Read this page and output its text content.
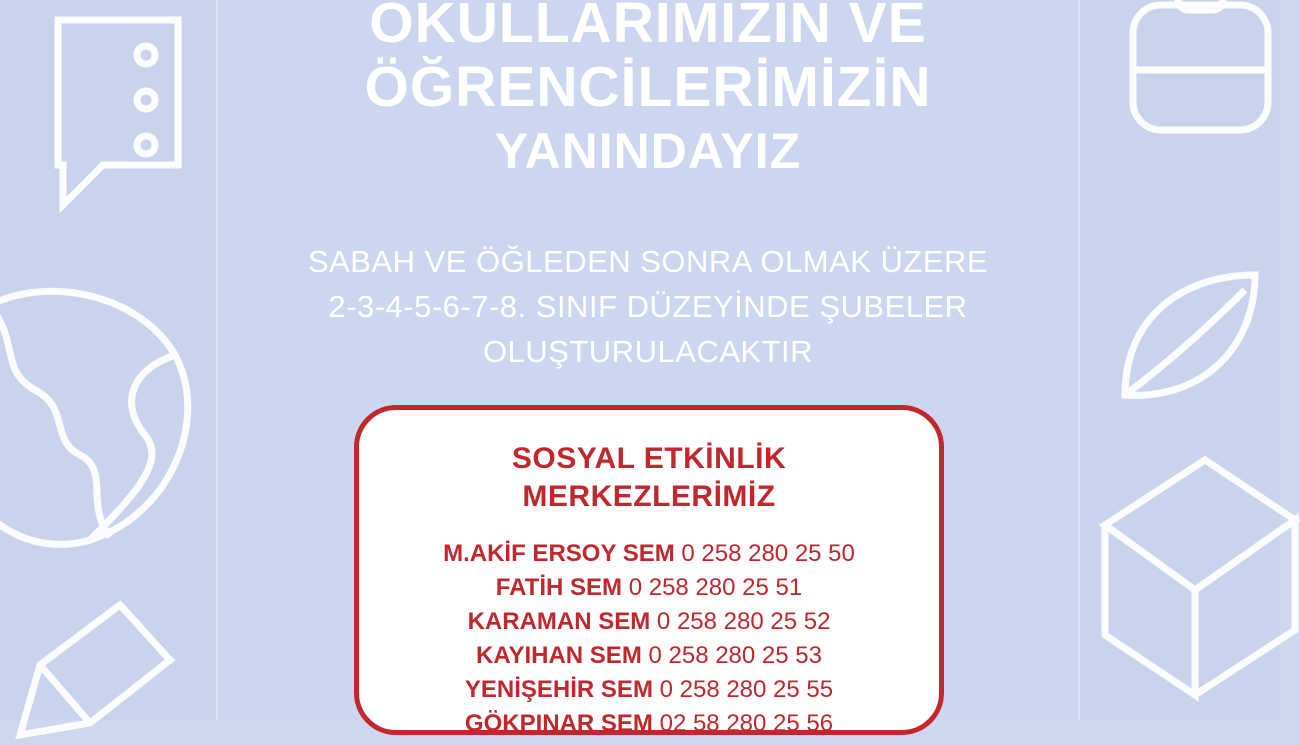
OKULLARIMIZIN VE
ÖĞRENCİLERİMİZİN
YANINDAYIZ
SABAH VE ÖĞLEDEN SONRA OLMAK ÜZERE
2-3-4-5-6-7-8. SINIF DÜZEYİNDE ŞUBELER
OLUŞTURULACAKTIR
SOSYAL ETKİNLİK
MERKEZLERİMİZ
M.AKİF ERSOY SEM 0 258 280 25 50
FATİH SEM 0 258 280 25 51
KARAMAN SEM 0 258 280 25 52
KAYIHAN SEM 0 258 280 25 53
YENİŞEHİR SEM 0 258 280 25 55
GÖKPINAR SEM 02 58 280 25 56
